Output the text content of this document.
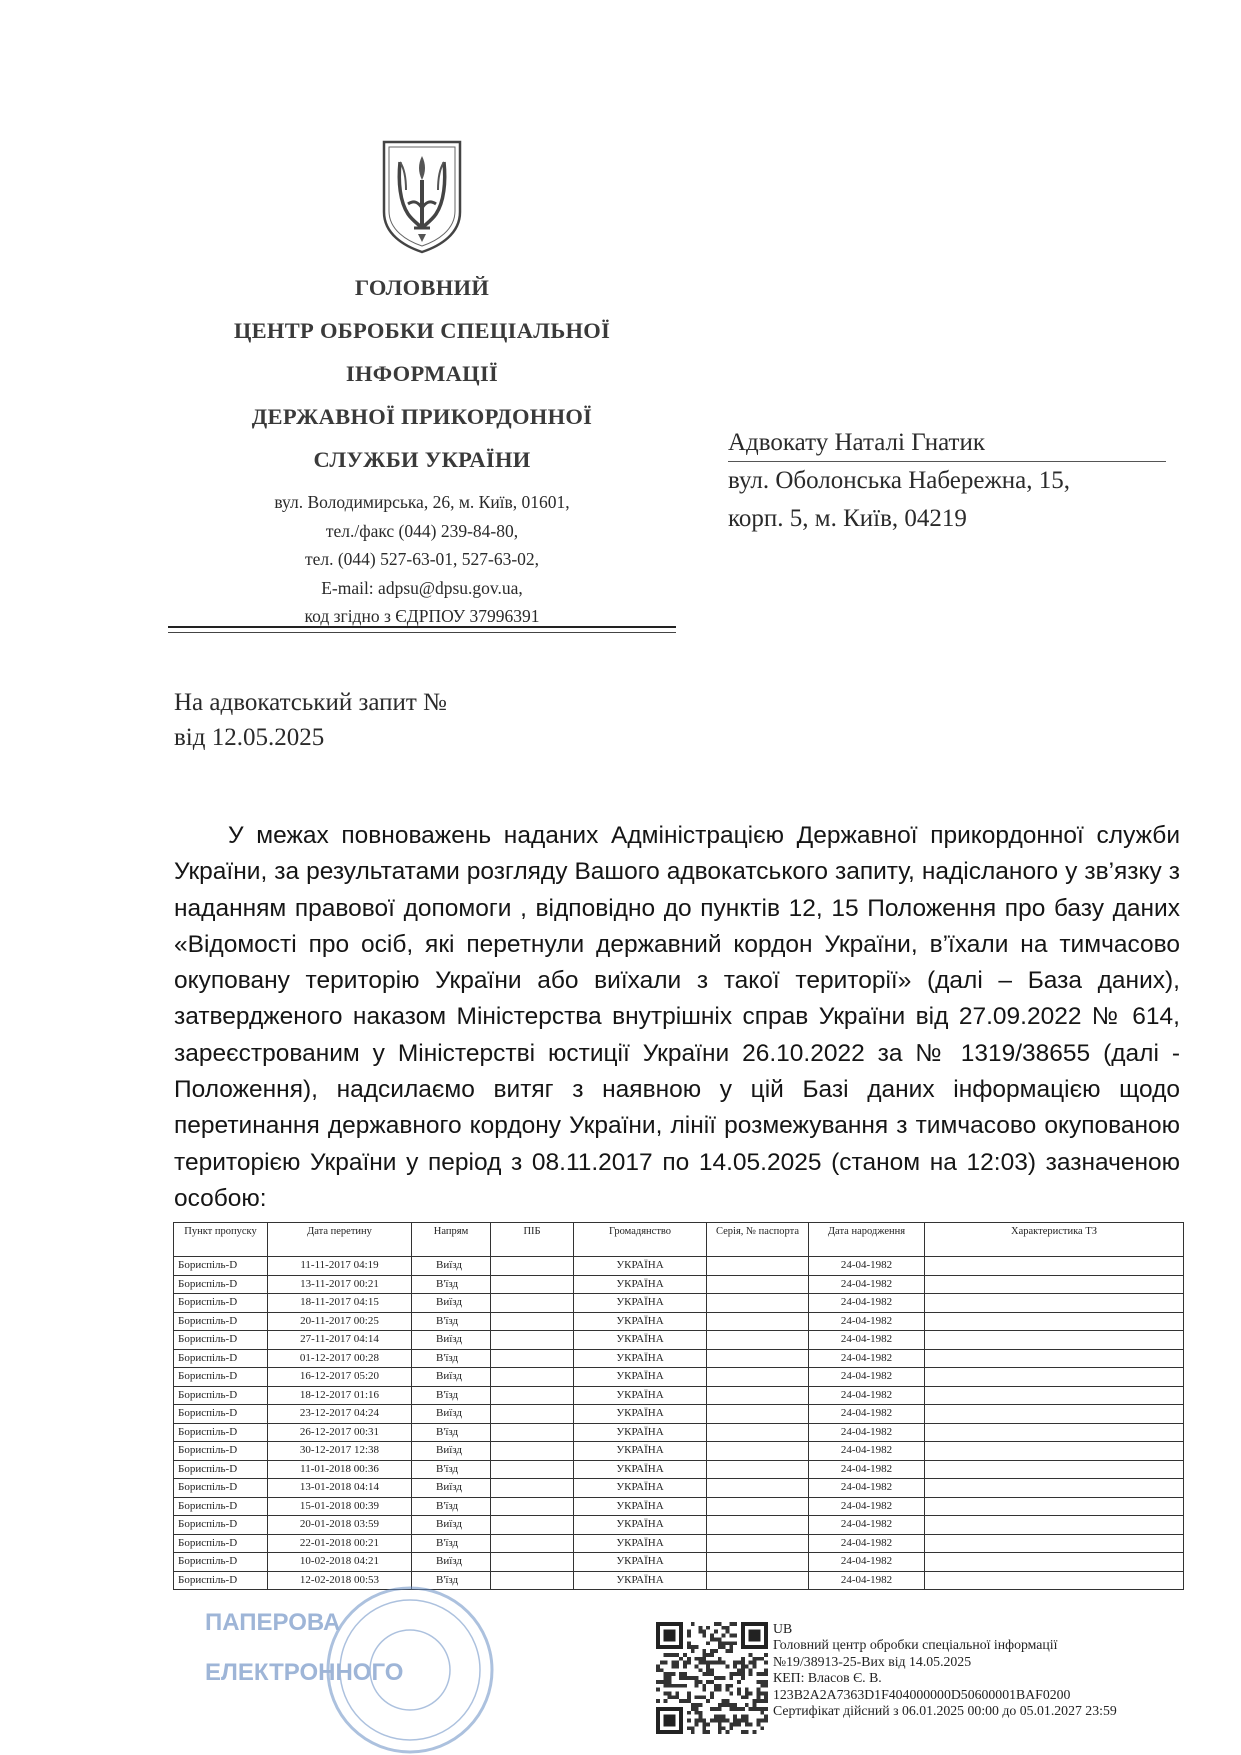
ГОЛОВНИЙ
ЦЕНТР ОБРОБКИ СПЕЦІАЛЬНОЇ
ІНФОРМАЦІЇ
ДЕРЖАВНОЇ ПРИКОРДОННОЇ
СЛУЖБИ УКРАЇНИ
вул. Володимирська, 26, м. Київ, 01601,
тел./факс (044) 239-84-80,
тел. (044) 527-63-01, 527-63-02,
E-mail: adpsu@dpsu.gov.ua,
код згідно з ЄДРПОУ 37996391
Адвокату Наталі Гнатик
вул. Оболонська Набережна, 15,
корп. 5, м. Київ, 04219
На адвокатський запит №
від 12.05.2025

У межах повноважень наданих Адміністрацією Державної прикордонної служби України, за результатами розгляду Вашого адвокатського запиту, надісланого у зв’язку з наданням правової допомоги , відповідно до пунктів 12, 15 Положення про базу даних «Відомості про осіб, які перетнули державний кордон України, в’їхали на тимчасово окуповану територію України або виїхали з такої території» (далі – База даних), затвердженого наказом Міністерства внутрішніх справ України від 27.09.2022 № 614, зареєстрованим у Міністерстві юстиції України 26.10.2022 за № 1319/38655 (далі - Положення), надсилаємо витяг з наявною у цій Базі даних інформацією щодо перетинання державного кордону України, лінії розмежування з тимчасово окупованою територією України у період з 08.11.2017 по 14.05.2025 (станом на 12:03) зазначеною особою:

Пункт пропуску	Дата перетину	Напрям	ПІБ	Громадянство	Серія, № паспорта	Дата народження	Характеристика ТЗ
Бориспіль-D	11-11-2017 04:19	Виїзд		УКРАЇНА		24-04-1982	
Бориспіль-D	13-11-2017 00:21	В'їзд		УКРАЇНА		24-04-1982	
Бориспіль-D	18-11-2017 04:15	Виїзд		УКРАЇНА		24-04-1982	
Бориспіль-D	20-11-2017 00:25	В'їзд		УКРАЇНА		24-04-1982	
Бориспіль-D	27-11-2017 04:14	Виїзд		УКРАЇНА		24-04-1982	
Бориспіль-D	01-12-2017 00:28	В'їзд		УКРАЇНА		24-04-1982	
Бориспіль-D	16-12-2017 05:20	Виїзд		УКРАЇНА		24-04-1982	
Бориспіль-D	18-12-2017 01:16	В'їзд		УКРАЇНА		24-04-1982	
Бориспіль-D	23-12-2017 04:24	Виїзд		УКРАЇНА		24-04-1982	
Бориспіль-D	26-12-2017 00:31	В'їзд		УКРАЇНА		24-04-1982	
Бориспіль-D	30-12-2017 12:38	Виїзд		УКРАЇНА		24-04-1982	
Бориспіль-D	11-01-2018 00:36	В'їзд		УКРАЇНА		24-04-1982	
Бориспіль-D	13-01-2018 04:14	Виїзд		УКРАЇНА		24-04-1982	
Бориспіль-D	15-01-2018 00:39	В'їзд		УКРАЇНА		24-04-1982	
Бориспіль-D	20-01-2018 03:59	Виїзд		УКРАЇНА		24-04-1982	
Бориспіль-D	22-01-2018 00:21	В'їзд		УКРАЇНА		24-04-1982	
Бориспіль-D	10-02-2018 04:21	Виїзд		УКРАЇНА		24-04-1982	
Бориспіль-D	12-02-2018 00:53	В'їзд		УКРАЇНА		24-04-1982	
ПАПЕРОВА
ЕЛЕКТРОННОГО
UB
Головний центр обробки спеціальної інформації
№19/38913-25-Вих від 14.05.2025
КЕП: Власов Є. В.
123B2A2A7363D1F404000000D50600001BAF0200
Сертифікат дійсний з 06.01.2025 00:00 до 05.01.2027 23:59
